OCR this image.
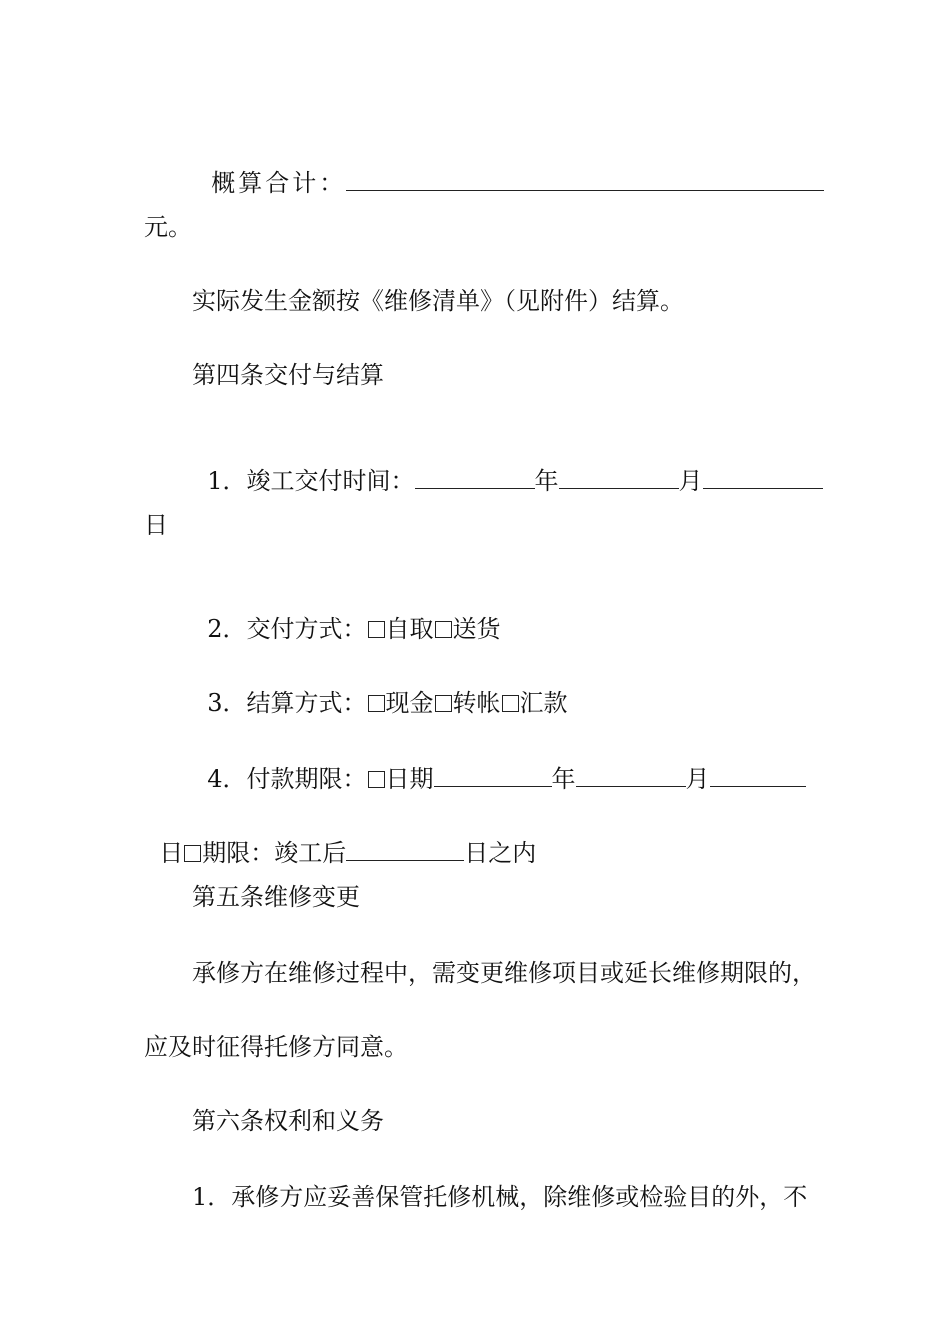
概算合计：

元。
实际发生金额按《维修清单》（见附件）结算。
第四条交付与结算

1．竣工交付时间：	年	月

日

2．交付方式： 自取 送货

3．结算方式： 现金 转帐 汇款

4．付款期限： 日期	年	月

日 期限：竣工后	日之内

第五条维修变更
承修方在维修过程中，需变更维修项目或延长维修期限的，
应及时征得托修方同意。
第六条权利和义务
1．承修方应妥善保管托修机械，除维修或检验目的外，不
